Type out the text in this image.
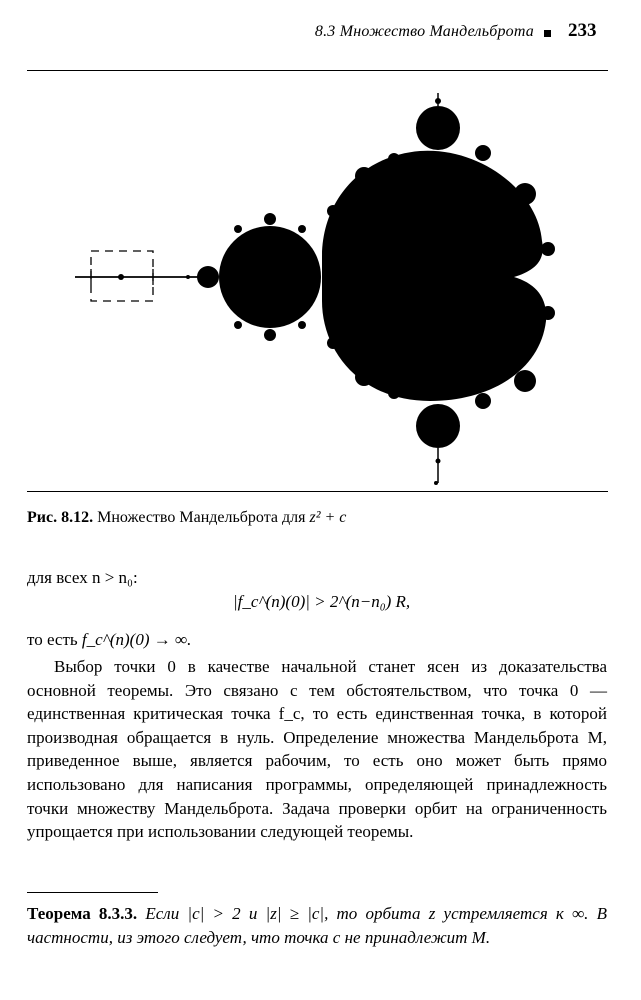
8.3 Множество Мандельброта 233
Рис. 8.12. Множество Мандельброта для z² + c
для всех n > n₀:
|f_c^(n)(0)| > 2^(n−n₀) R,
то есть f_c^(n)(0) → ∞.
Выбор точки 0 в качестве начальной станет ясен из доказательства основной теоремы. Это связано с тем обстоятельством, что точка 0 — единственная критическая точка f_c, то есть единственная точка, в которой производная обращается в нуль. Определение множества Мандельброта M, приведенное выше, является рабочим, то есть оно может быть прямо использовано для написания программы, определяющей принадлежность точки множеству Мандельброта. Задача проверки орбит на ограниченность упрощается при использовании следующей теоремы.
Теорема 8.3.3. Если |c| > 2 и |z| ≥ |c|, то орбита z устремляется к ∞. В частности, из этого следует, что точка c не принадлежит M.
